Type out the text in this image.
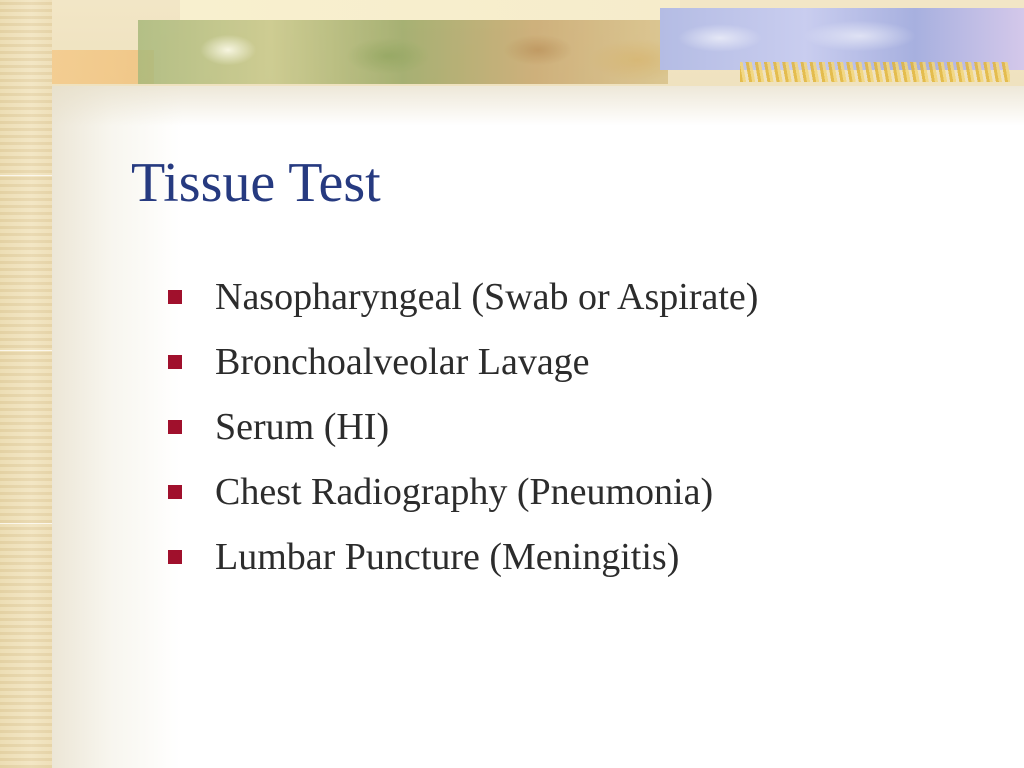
Tissue Test
Nasopharyngeal (Swab or Aspirate)
Bronchoalveolar Lavage
Serum (HI)
Chest Radiography (Pneumonia)
Lumbar Puncture (Meningitis)
